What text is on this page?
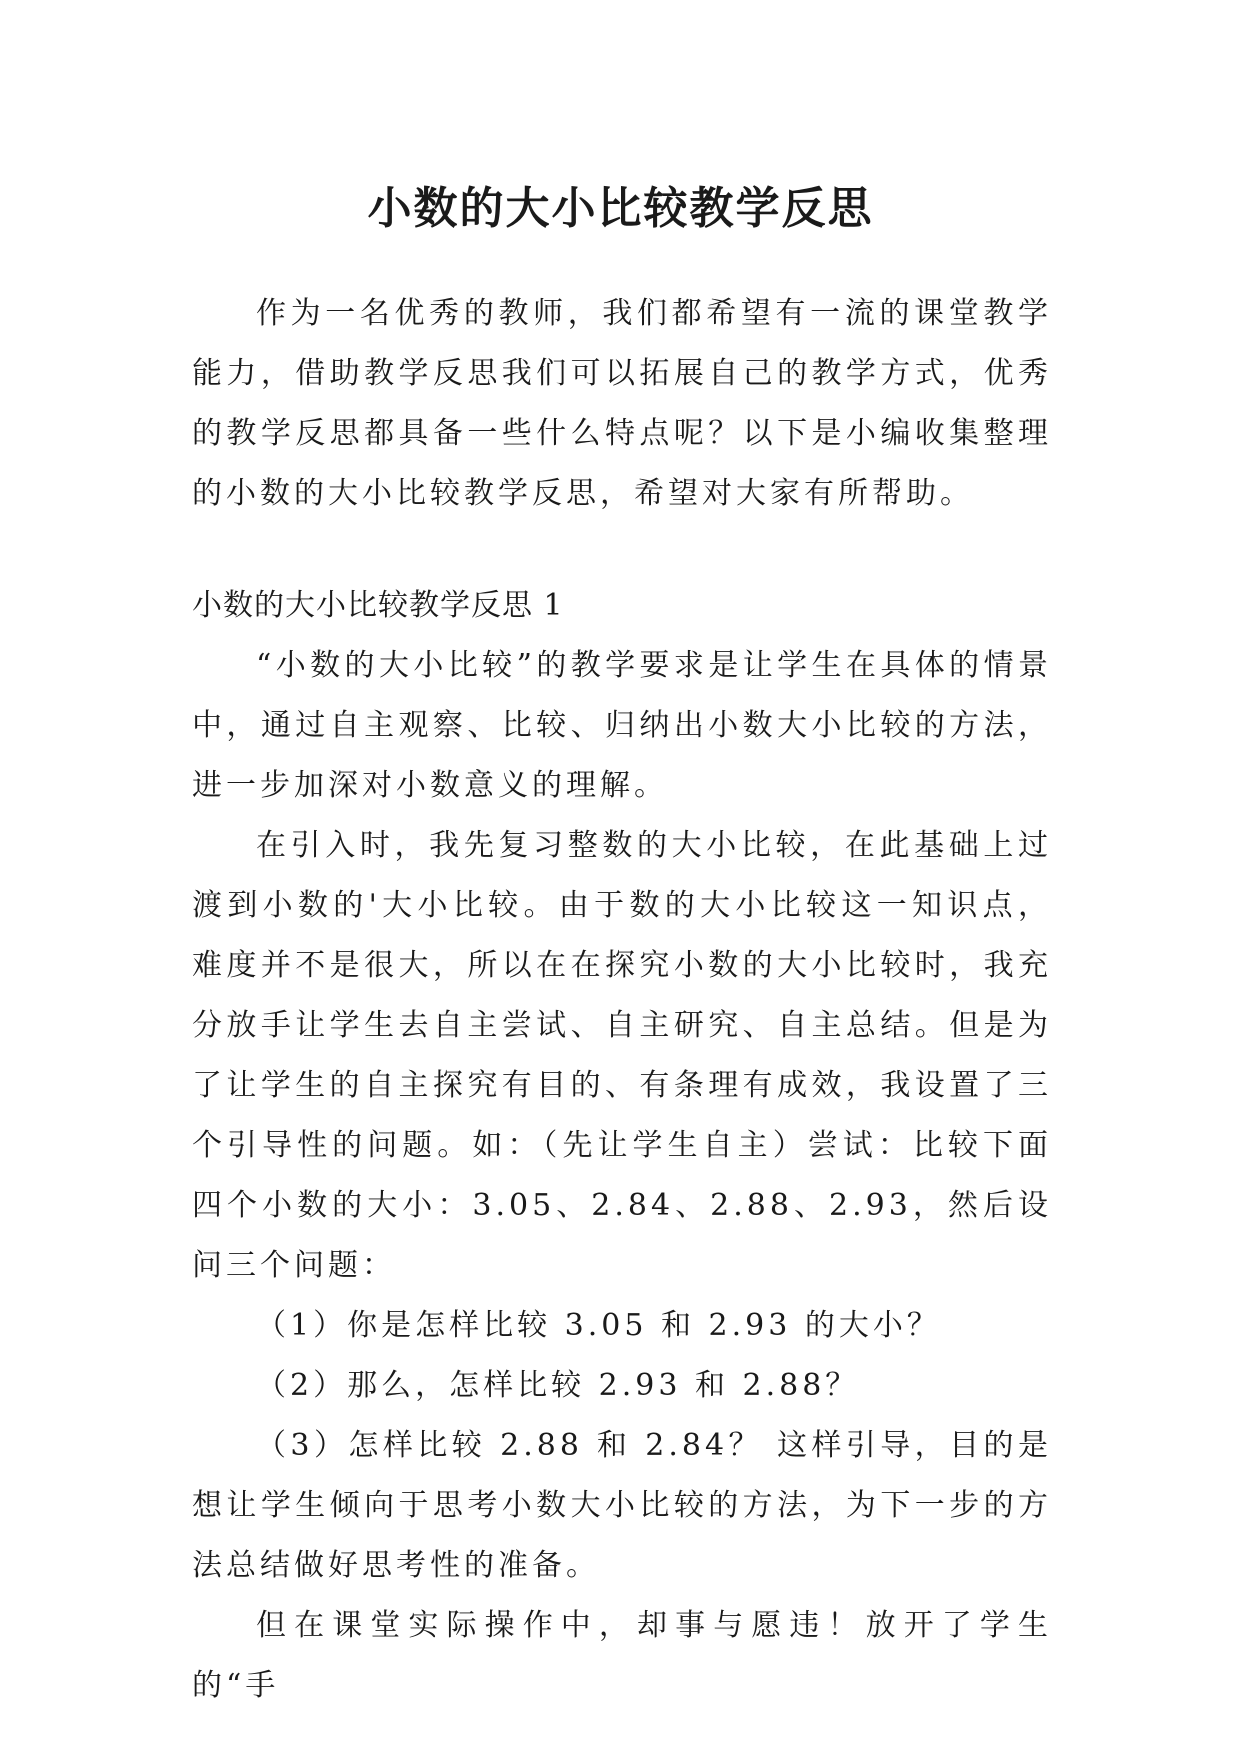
小数的大小比较教学反思

作为一名优秀的教师，我们都希望有一流的课堂教学能力，借助教学反思我们可以拓展自己的教学方式，优秀的教学反思都具备一些什么特点呢？以下是小编收集整理的小数的大小比较教学反思，希望对大家有所帮助。

小数的大小比较教学反思 1

“小数的大小比较”的教学要求是让学生在具体的情景中，通过自主观察、比较、归纳出小数大小比较的方法，进一步加深对小数意义的理解。

在引入时，我先复习整数的大小比较，在此基础上过渡到小数的'大小比较。由于数的大小比较这一知识点，难度并不是很大，所以在在探究小数的大小比较时，我充分放手让学生去自主尝试、自主研究、自主总结。但是为了让学生的自主探究有目的、有条理有成效，我设置了三个引导性的问题。如：（先让学生自主）尝试：比较下面四个小数的大小：3.05、2.84、2.88、2.93，然后设问三个问题：

（1）你是怎样比较 3.05 和 2.93 的大小？

（2）那么，怎样比较 2.93 和 2.88？

（3）怎样比较 2.88 和 2.84？ 这样引导，目的是想让学生倾向于思考小数大小比较的方法，为下一步的方法总结做好思考性的准备。

但在课堂实际操作中，却事与愿违！放开了学生的“手
